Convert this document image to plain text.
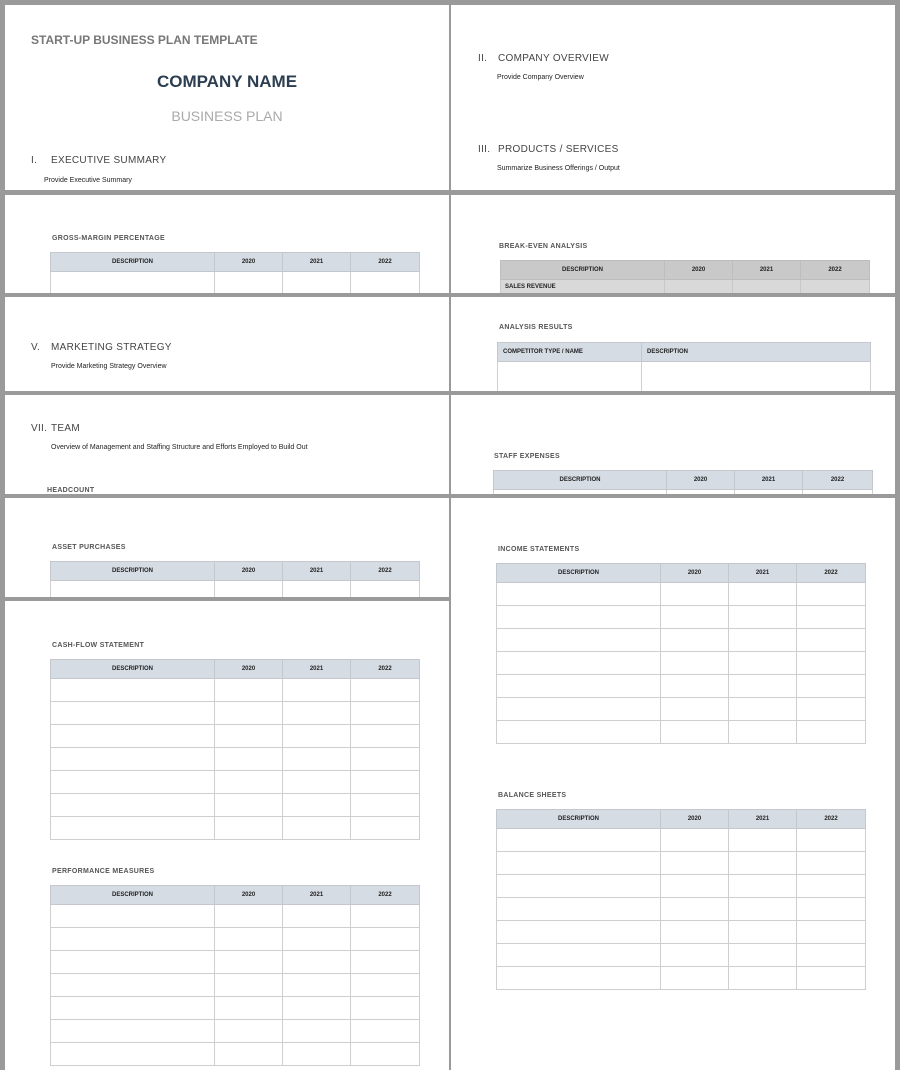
START-UP BUSINESS PLAN TEMPLATE
COMPANY NAME
BUSINESS PLAN
I. EXECUTIVE SUMMARY
Provide Executive Summary
II. COMPANY OVERVIEW
Provide Company Overview
III. PRODUCTS / SERVICES
Summarize Business Offerings / Output
GROSS-MARGIN PERCENTAGE
DESCRIPTION	2020	2021	2022

BREAK-EVEN ANALYSIS
DESCRIPTION	2020	2021	2022
SALES REVENUE			
V. MARKETING STRATEGY
Provide Marketing Strategy Overview
ANALYSIS RESULTS
COMPETITOR TYPE / NAME	DESCRIPTION

VII. TEAM
Overview of Management and Staffing Structure and Efforts Employed to Build Out
HEADCOUNT
STAFF EXPENSES
DESCRIPTION	2020	2021	2022

ASSET PURCHASES
DESCRIPTION	2020	2021	2022

INCOME STATEMENTS
DESCRIPTION	2020	2021	2022

BALANCE SHEETS
DESCRIPTION	2020	2021	2022

CASH-FLOW STATEMENT
DESCRIPTION	2020	2021	2022

PERFORMANCE MEASURES
DESCRIPTION	2020	2021	2022
